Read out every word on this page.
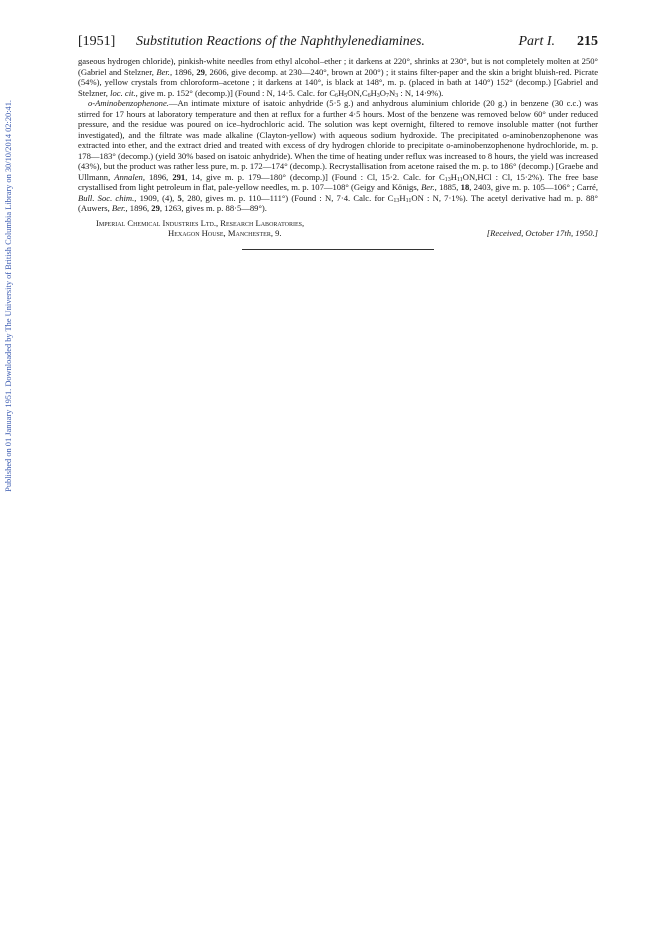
Published on 01 January 1951. Downloaded by The University of British Columbia Library on 30/10/2014 02:20:41.
[1951]	Substitution Reactions of the Naphthylenediamines.	Part I. 215

gaseous hydrogen chloride), pinkish-white needles from ethyl alcohol–ether ; it darkens at 220°, shrinks at 230°, but is not completely molten at 250° (Gabriel and Stelzner, Ber., 1896, 29, 2606, give decomp. at 230—240°, brown at 200°) ; it stains filter-paper and the skin a bright bluish-red. Picrate (54%), yellow crystals from chloroform–acetone ; it darkens at 140°, is black at 148°, m. p. (placed in bath at 140°) 152° (decomp.) [Gabriel and Stelzner, loc. cit., give m. p. 152° (decomp.)] (Found : N, 14·5. Calc. for $C_6H_5ON,C_6H_3O_7N_3$ : N, 14·9%).

o-Aminobenzophenone.—An intimate mixture of isatoic anhydride (5·5 g.) and anhydrous aluminium chloride (20 g.) in benzene (30 c.c.) was stirred for 17 hours at laboratory temperature and then at reflux for a further 4·5 hours. Most of the benzene was removed below 60° under reduced pressure, and the residue was poured on ice–hydrochloric acid. The solution was kept overnight, filtered to remove insoluble matter (not further investigated), and the filtrate was made alkaline (Clayton-yellow) with aqueous sodium hydroxide. The precipitated o-aminobenzophenone was extracted into ether, and the extract dried and treated with excess of dry hydrogen chloride to precipitate o-aminobenzophenone hydrochloride, m. p. 178—183° (decomp.) (yield 30% based on isatoic anhydride). When the time of heating under reflux was increased to 8 hours, the yield was increased (43%), but the product was rather less pure, m. p. 172—174° (decomp.). Recrystallisation from acetone raised the m. p. to 186° (decomp.) [Graebe and Ullmann, Annalen, 1896, 291, 14, give m. p. 179—180° (decomp.)] (Found : Cl, 15·2. Calc. for $C_{13}H_{11}ON,HCl$ : Cl, 15·2%). The free base crystallised from light petroleum in flat, pale-yellow needles, m. p. 107—108° (Geigy and Königs, Ber., 1885, 18, 2403, give m. p. 105—106° ; Carré, Bull. Soc. chim., 1909, (4), 5, 280, gives m. p. 110—111°) (Found : N, 7·4. Calc. for $C_{13}H_{11}ON$ : N, 7·1%). The acetyl derivative had m. p. 88° (Auwers, Ber., 1896, 29, 1263, gives m. p. 88·5—89°).

Imperial Chemical Industries Ltd., Research Laboratories,
Hexagon House, Manchester, 9.	[Received, October 17th, 1950.]
